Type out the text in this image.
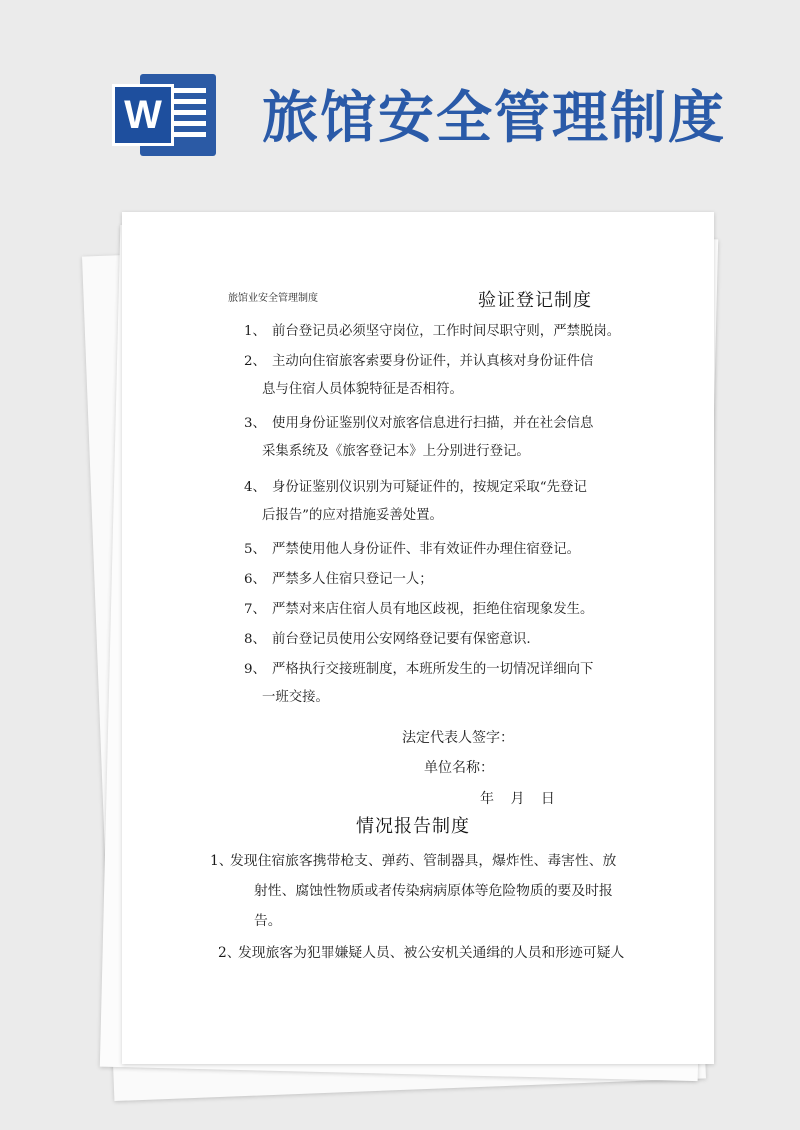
W 旅馆安全管理制度
旅馆业安全管理制度	验证登记制度
1、 前台登记员必须坚守岗位，工作时间尽职守则，严禁脱岗。
2、 主动向住宿旅客索要身份证件，并认真核对身份证件信
息与住宿人员体貌特征是否相符。
3、 使用身份证鉴别仪对旅客信息进行扫描，并在社会信息
采集系统及《旅客登记本》上分别进行登记。
4、 身份证鉴别仪识别为可疑证件的，按规定采取“先登记
后报告”的应对措施妥善处置。
5、 严禁使用他人身份证件、非有效证件办理住宿登记。
6、 严禁多人住宿只登记一人；
7、 严禁对来店住宿人员有地区歧视，拒绝住宿现象发生。
8、 前台登记员使用公安网络登记要有保密意识.
9、 严格执行交接班制度，本班所发生的一切情况详细向下
一班交接。
法定代表人签字：
单位名称：
年 月 日
情况报告制度
1、
发现住宿旅客携带枪支、弹药、管制器具，爆炸性、毒害性、放
射性、腐蚀性物质或者传染病病原体等危险物质的要及时报
告。
2、
发现旅客为犯罪嫌疑人员、被公安机关通缉的人员和形迹可疑人
